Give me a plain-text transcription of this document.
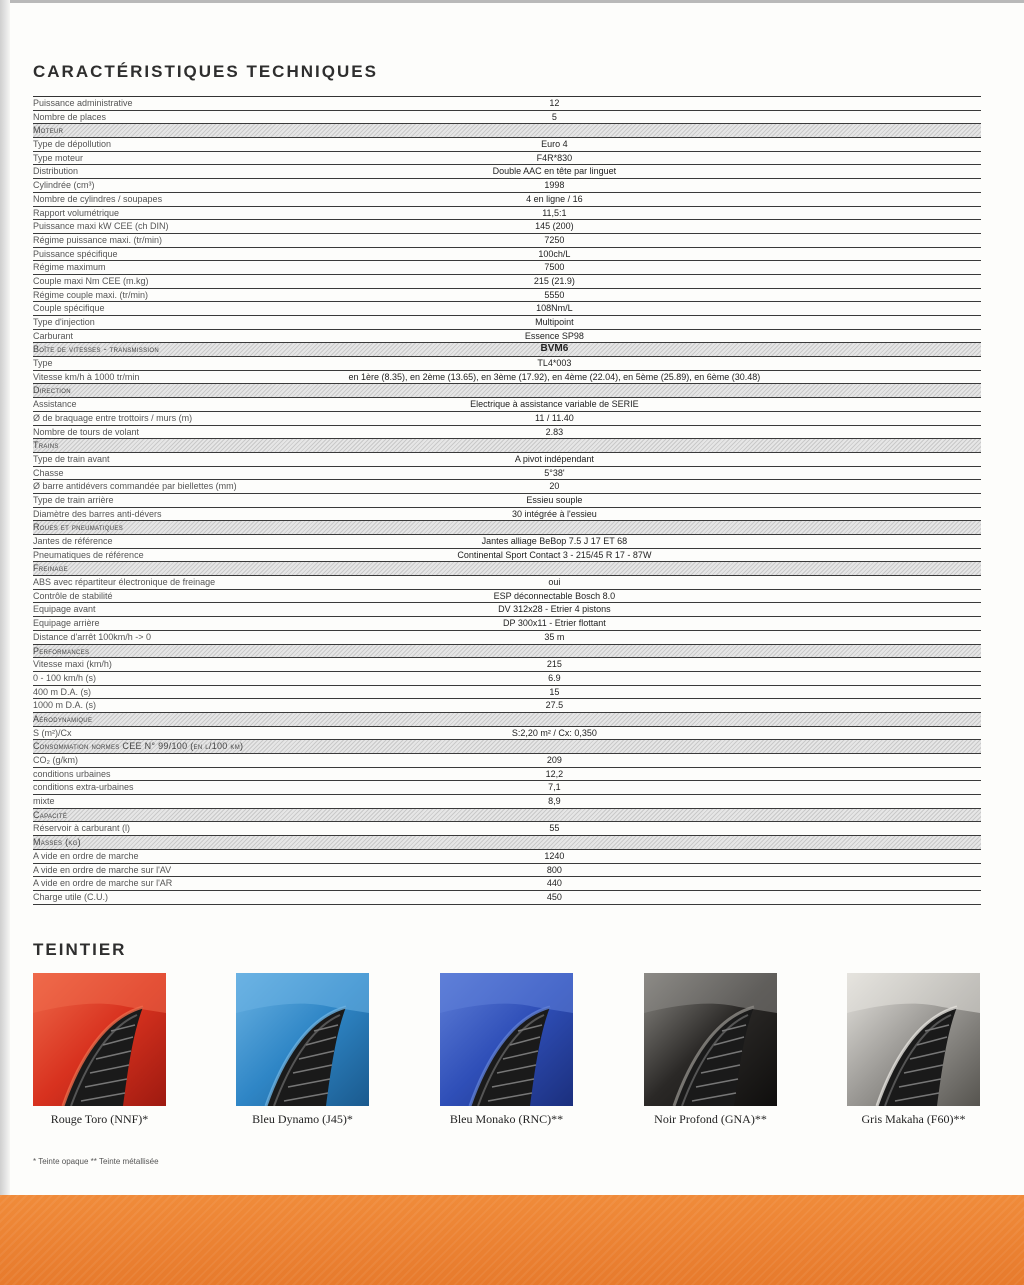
CARACTÉRISTIQUES TECHNIQUES
Puissance administrative	12
Nombre de places	5
Moteur
Type de dépollution	Euro 4
Type moteur	F4R*830
Distribution	Double AAC en tête par linguet
Cylindrée (cm³)	1998
Nombre de cylindres / soupapes	4 en ligne / 16
Rapport volumétrique	11,5:1
Puissance maxi kW CEE (ch DIN)	145 (200)
Régime puissance maxi. (tr/min)	7250
Puissance spécifique	100ch/L
Régime maximum	7500
Couple maxi Nm CEE (m.kg)	215 (21.9)
Régime couple maxi. (tr/min)	5550
Couple spécifique	108Nm/L
Type d'injection	Multipoint
Carburant	Essence SP98
Boîte de vitesses - transmission	BVM6
Type	TL4*003
Vitesse km/h à 1000 tr/min	en 1ère (8.35), en 2ème (13.65), en 3ème (17.92), en 4ème (22.04), en 5ème (25.89), en 6ème (30.48)
Direction
Assistance	Electrique à assistance variable de SERIE
Ø de braquage entre trottoirs / murs (m)	11 / 11.40
Nombre de tours de volant	2.83
Trains
Type de train avant	A pivot indépendant
Chasse	5°38'
Ø barre antidévers commandée par biellettes (mm)	20
Type de train arrière	Essieu souple
Diamètre des barres anti-dévers	30 intégrée à l'essieu
Roues et pneumatiques
Jantes de référence	Jantes alliage BeBop 7.5 J 17 ET 68
Pneumatiques de référence	Continental Sport Contact 3 - 215/45 R 17 - 87W
Freinage
ABS avec répartiteur électronique de freinage	oui
Contrôle de stabilité	ESP déconnectable Bosch 8.0
Equipage avant	DV 312x28 - Etrier 4 pistons
Equipage arrière	DP 300x11 - Etrier flottant
Distance d'arrêt 100km/h -> 0	35 m
Performances
Vitesse maxi (km/h)	215
0 - 100 km/h (s)	6.9
400 m D.A. (s)	15
1000 m D.A. (s)	27.5
Aérodynamique
S (m²)/Cx	S:2,20 m² / Cx: 0,350
Consommation normes CEE N° 99/100 (en l/100 km)
CO₂ (g/km)	209
conditions urbaines	12,2
conditions extra-urbaines	7,1
mixte	8,9
Capacité
Réservoir à carburant (l)	55
Masses (kg)
A vide en ordre de marche	1240
A vide en ordre de marche sur l'AV	800
A vide en ordre de marche sur l'AR	440
Charge utile (C.U.)	450
TEINTIER
Rouge Toro (NNF)*	Bleu Dynamo (J45)*	Bleu Monako (RNC)**	Noir Profond (GNA)**	Gris Makaha (F60)**
* Teinte opaque ** Teinte métallisée
